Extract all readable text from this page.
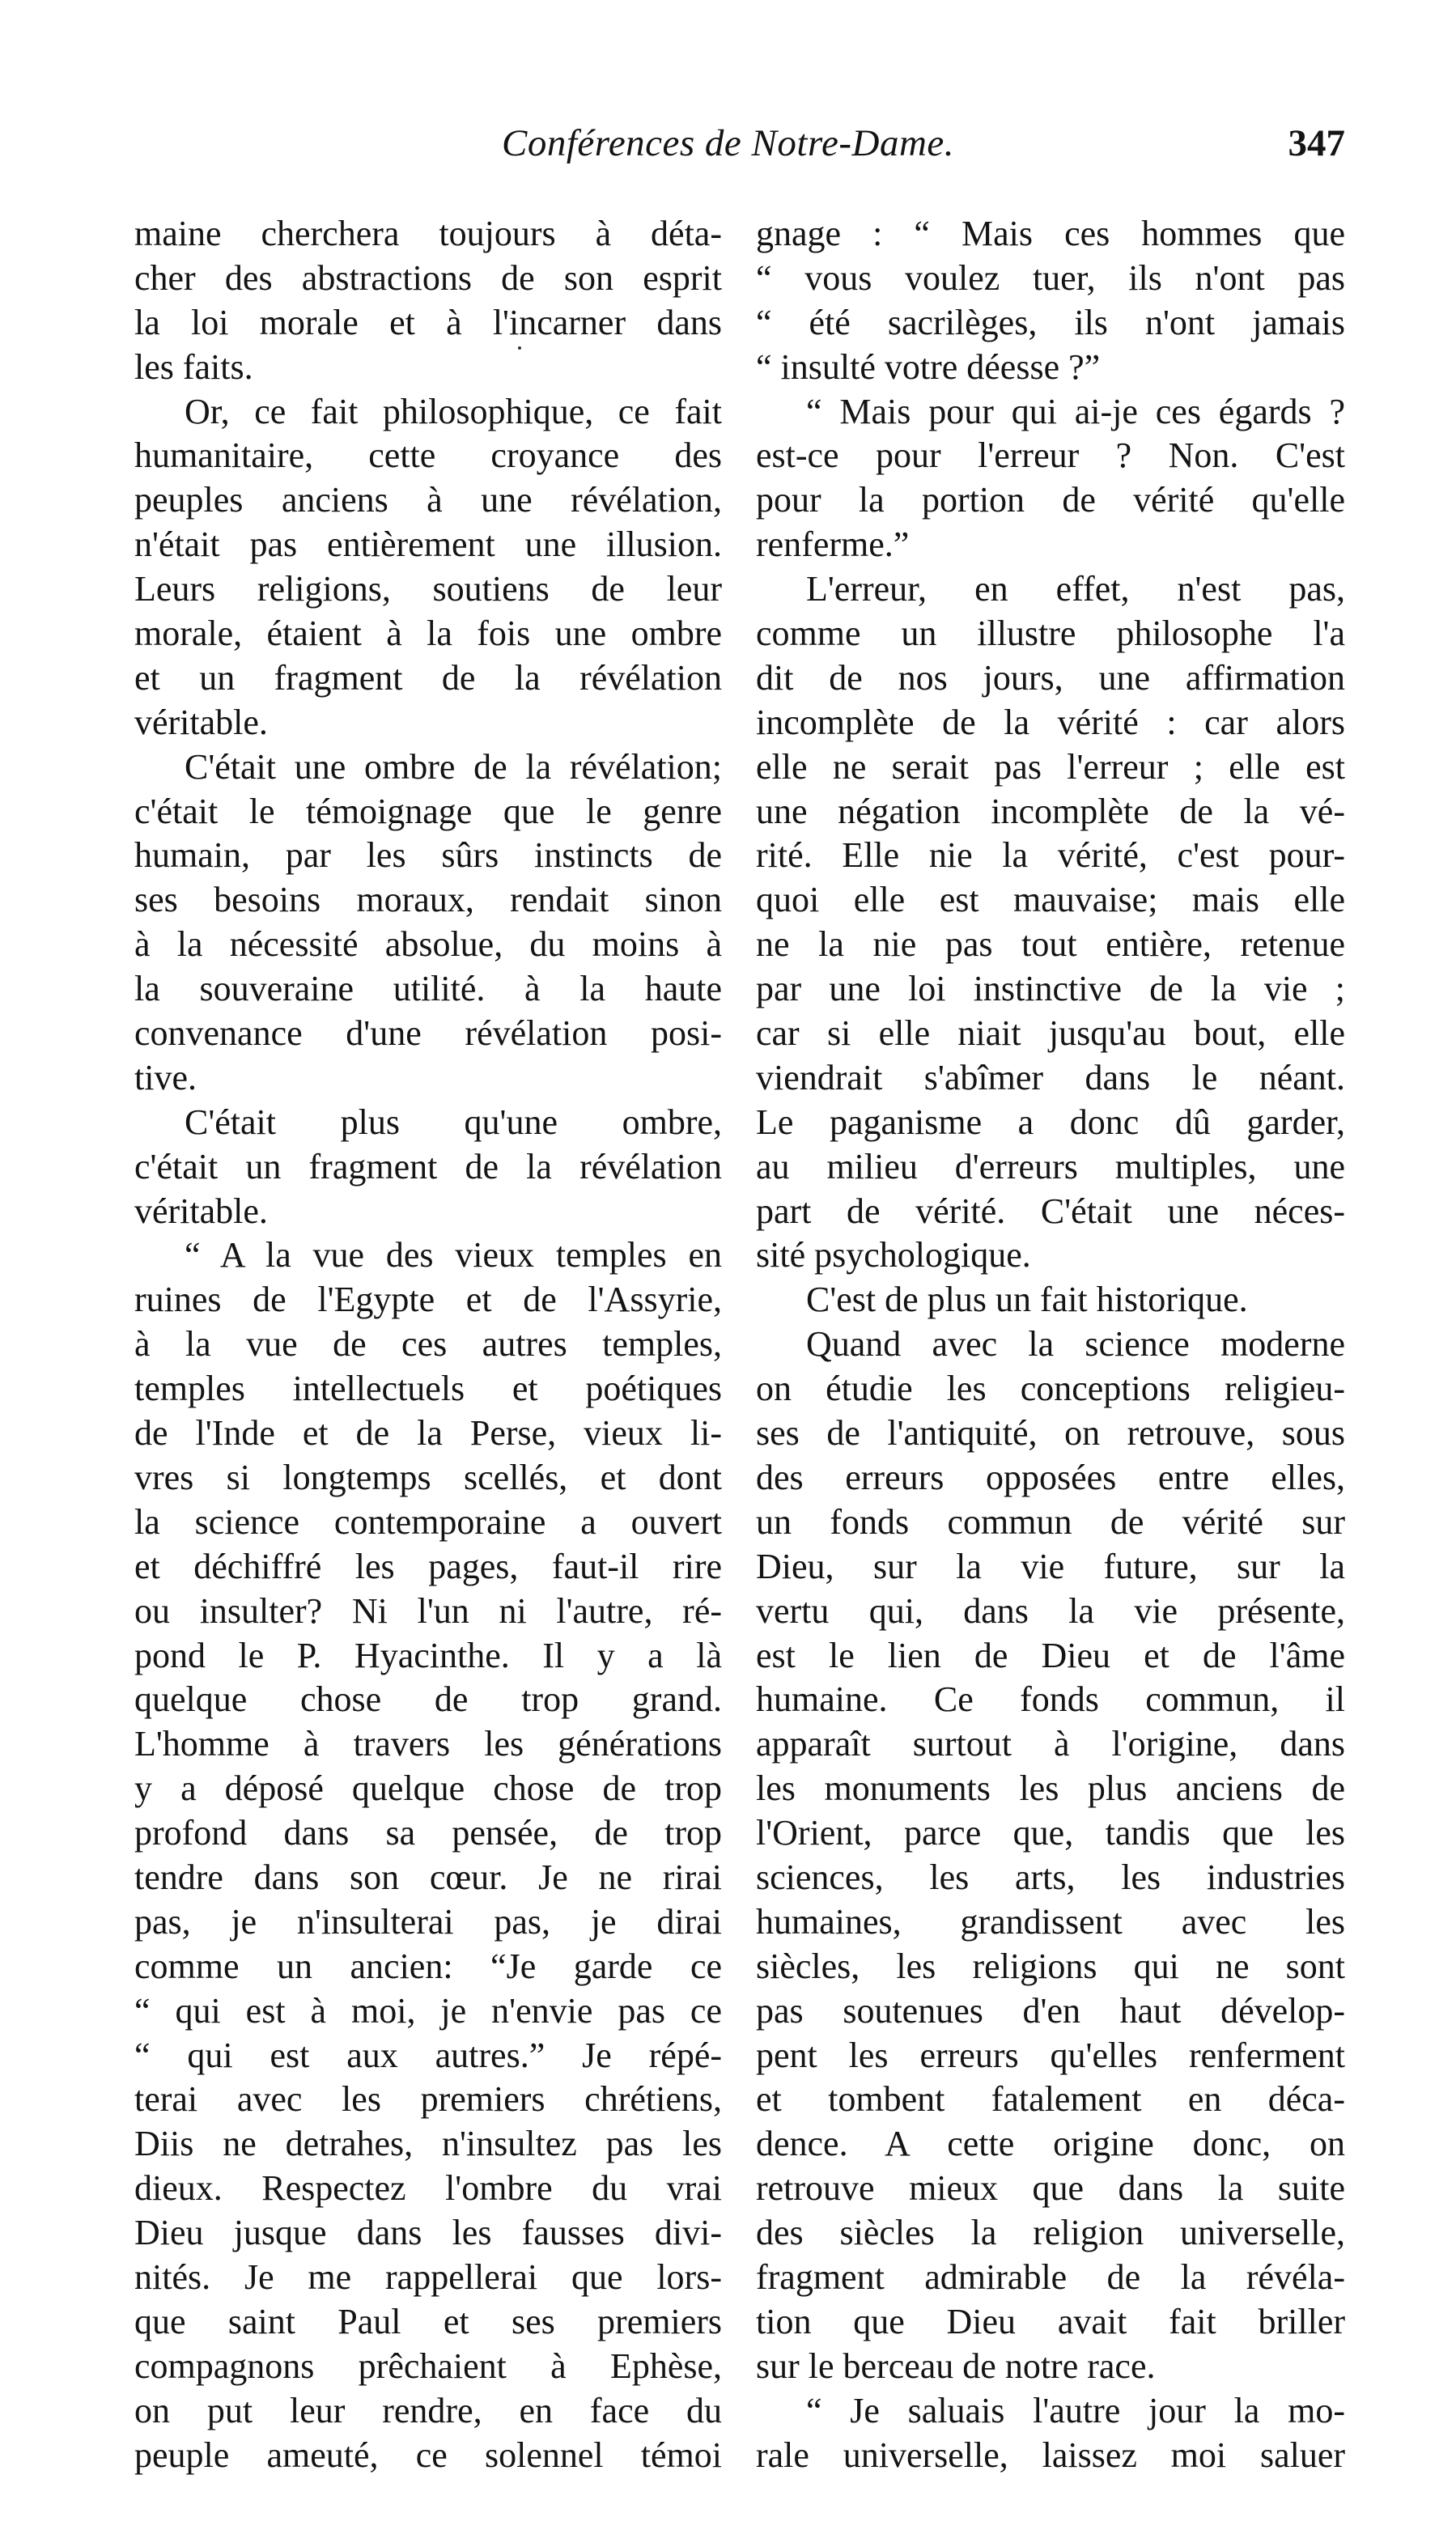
Conférences de Notre-Dame.	347
maine cherchera toujours à déta-
cher des abstractions de son esprit
la loi morale et à l'incarner dans
les faits.
Or, ce fait philosophique, ce fait
humanitaire, cette croyance des
peuples anciens à une révélation,
n'était pas entièrement une illusion.
Leurs religions, soutiens de leur
morale, étaient à la fois une ombre
et un fragment de la révélation
véritable.
C'était une ombre de la révélation;
c'était le témoignage que le genre
humain, par les sûrs instincts de
ses besoins moraux, rendait sinon
à la nécessité absolue, du moins à
la souveraine utilité. à la haute
convenance d'une révélation posi-
tive.
C'était plus qu'une ombre,
c'était un fragment de la révélation
véritable.
“ A la vue des vieux temples en
ruines de l'Egypte et de l'Assyrie,
à la vue de ces autres temples,
temples intellectuels et poétiques
de l'Inde et de la Perse, vieux li-
vres si longtemps scellés, et dont
la science contemporaine a ouvert
et déchiffré les pages, faut-il rire
ou insulter? Ni l'un ni l'autre, ré-
pond le P. Hyacinthe. Il y a là
quelque chose de trop grand.
L'homme à travers les générations
y a déposé quelque chose de trop
profond dans sa pensée, de trop
tendre dans son cœur. Je ne rirai
pas, je n'insulterai pas, je dirai
comme un ancien: “Je garde ce
“ qui est à moi, je n'envie pas ce
“ qui est aux autres.” Je répé-
terai avec les premiers chrétiens,
Diis ne detrahes, n'insultez pas les
dieux. Respectez l'ombre du vrai
Dieu jusque dans les fausses divi-
nités. Je me rappellerai que lors-
que saint Paul et ses premiers
compagnons prêchaient à Ephèse,
on put leur rendre, en face du
peuple ameuté, ce solennel témoi
gnage : “ Mais ces hommes que
“ vous voulez tuer, ils n'ont pas
“ été sacrilèges, ils n'ont jamais
“ insulté votre déesse ?”
“ Mais pour qui ai-je ces égards ?
est-ce pour l'erreur ? Non. C'est
pour la portion de vérité qu'elle
renferme.”
L'erreur, en effet, n'est pas,
comme un illustre philosophe l'a
dit de nos jours, une affirmation
incomplète de la vérité : car alors
elle ne serait pas l'erreur ; elle est
une négation incomplète de la vé-
rité. Elle nie la vérité, c'est pour-
quoi elle est mauvaise; mais elle
ne la nie pas tout entière, retenue
par une loi instinctive de la vie ;
car si elle niait jusqu'au bout, elle
viendrait s'abîmer dans le néant.
Le paganisme a donc dû garder,
au milieu d'erreurs multiples, une
part de vérité. C'était une néces-
sité psychologique.
C'est de plus un fait historique.
Quand avec la science moderne
on étudie les conceptions religieu-
ses de l'antiquité, on retrouve, sous
des erreurs opposées entre elles,
un fonds commun de vérité sur
Dieu, sur la vie future, sur la
vertu qui, dans la vie présente,
est le lien de Dieu et de l'âme
humaine. Ce fonds commun, il
apparaît surtout à l'origine, dans
les monuments les plus anciens de
l'Orient, parce que, tandis que les
sciences, les arts, les industries
humaines, grandissent avec les
siècles, les religions qui ne sont
pas soutenues d'en haut dévelop-
pent les erreurs qu'elles renferment
et tombent fatalement en déca-
dence. A cette origine donc, on
retrouve mieux que dans la suite
des siècles la religion universelle,
fragment admirable de la révéla-
tion que Dieu avait fait briller
sur le berceau de notre race.
“ Je saluais l'autre jour la mo-
rale universelle, laissez moi saluer
